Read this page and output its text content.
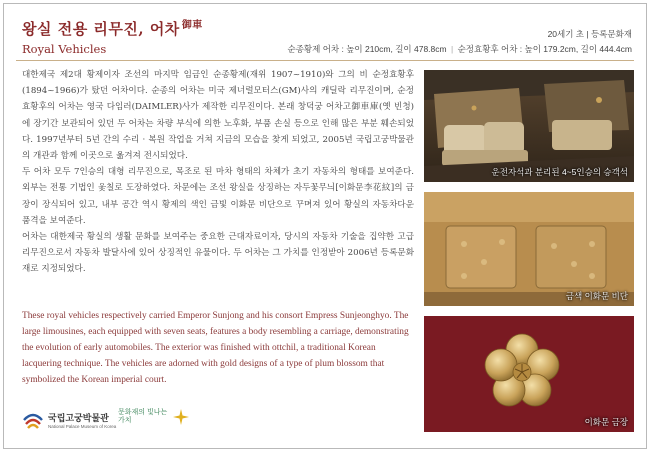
왕실 전용 리무진, 어차 $^{御車}$
Royal Vehicles
20세기 초 | 등록문화재
순종황제 어차 : 높이 210cm, 길이 478.8cm | 순정효황후 어차 : 높이 179.2cm, 길이 444.4cm

대한제국 제2대 황제이자 조선의 마지막 임금인 순종황제(재위 1907~1910)와 그의 비 순정효황후(1894~1966)가 탔던 어차이다. 순종의 어차는 미국 제너럴모터스(GM)사의 캐딜락 리무진이며, 순정효황후의 어차는 영국 다임러(DAIMLER)사가 제작한 리무진이다. 본래 창덕궁 어차고御車庫(옛 빈청)에 장기간 보관되어 있던 두 어차는 차량 부식에 의한 노후화, 부품 손실 등으로 인해 많은 부분 훼손되었다. 1997년부터 5년 간의 수리 · 복원 작업을 거쳐 지금의 모습을 찾게 되었고, 2005년 국립고궁박물관의 개관과 함께 이곳으로 옮겨져 전시되었다.

두 어차 모두 7인승의 대형 리무진으로, 목조로 된 마차 형태의 차체가 초기 자동차의 형태를 보여준다. 외부는 전통 기법인 옻칠로 도장하였다. 차문에는 조선 왕실을 상징하는 자두꽃무늬[이화문李花紋]의 금장이 장식되어 있고, 내부 공간 역시 황제의 색인 금빛 이화문 비단으로 꾸며져 있어 황실의 자동차다운 품격을 보여준다.

어차는 대한제국 황실의 생활 문화를 보여주는 중요한 근대자료이자, 당시의 자동차 기술을 집약한 고급 리무진으로서 자동차 발달사에 있어 상징적인 유물이다. 두 어차는 그 가치를 인정받아 2006년 등록문화재로 지정되었다.

These royal vehicles respectively carried Emperor Sunjong and his consort Empress Sunjeonghyo. The large limousines, each equipped with seven seats, features a body resembling a carriage, demonstrating the evolution of early automobiles. The exterior was finished with ottchil, a traditional Korean lacquering technique. The vehicles are adorned with gold designs of a type of plum blossom that symbolized the Korean imperial court.
운전자석과 분리된 4~5인승의 승객석
금색 이화문 비단
이화문 금장
국립고궁박물관
National Palace Museum of Korea
문화재의 빛나는 가치
